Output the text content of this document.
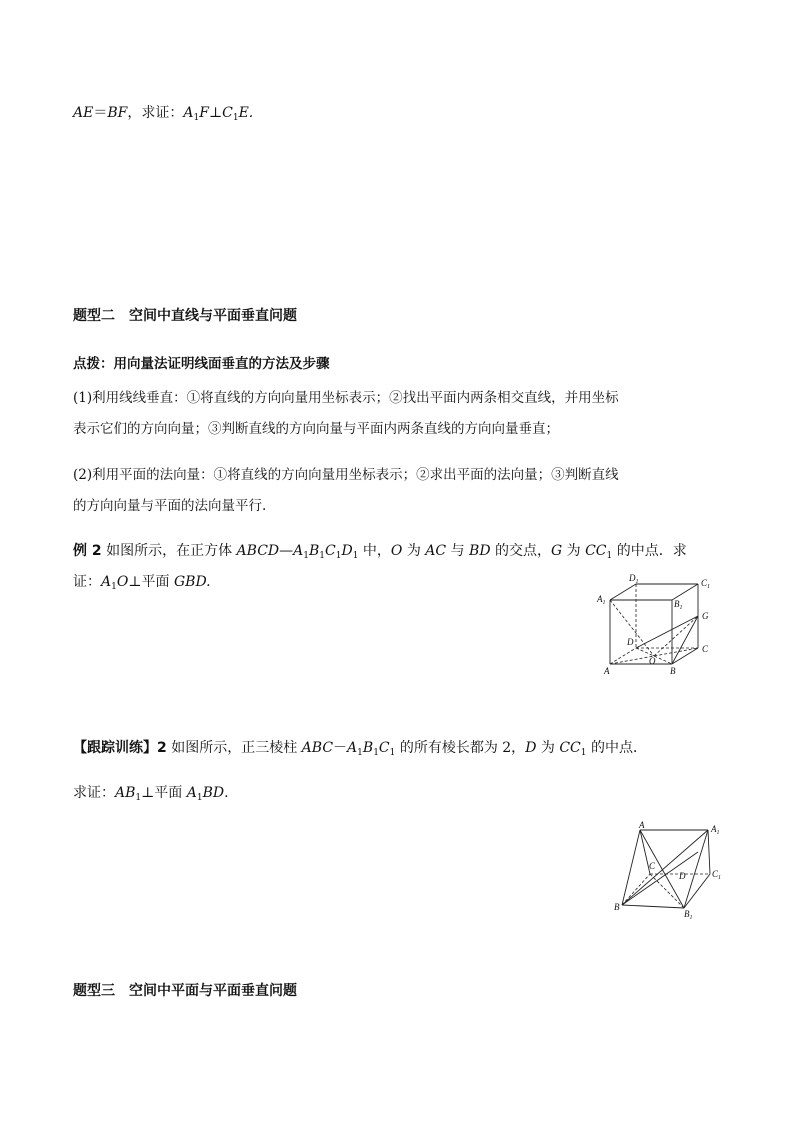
AE＝BF，求证：$A_1F\perp C_1E$.
题型二　空间中直线与平面垂直问题
点拨：用向量法证明线面垂直的方法及步骤
(1)利用线线垂直：①将直线的方向向量用坐标表示；②找出平面内两条相交直线，并用坐标
表示它们的方向向量；③判断直线的方向向量与平面内两条直线的方向向量垂直；
(2)利用平面的法向量：①将直线的方向向量用坐标表示；②求出平面的法向量；③判断直线
的方向向量与平面的法向量平行.
例 2 如图所示，在正方体 $ABCD—A_1B_1C_1D_1$ 中，O 为 AC 与 BD 的交点，G 为 $CC_1$ 的中点．求
证：$A_1O\perp$平面 GBD.	$D_1$	$C_1$
$A_1$	$B_1$
G
D
O
C
A	B
【跟踪训练】2 如图所示，正三棱柱 $ABC-A_1B_1C_1$ 的所有棱长都为 2，D 为 $CC_1$ 的中点．
求证：$AB_1\perp$平面 $A_1BD$.
A	$A_1$
C
D	$C_1$
B
$B_1$
题型三　空间中平面与平面垂直问题
